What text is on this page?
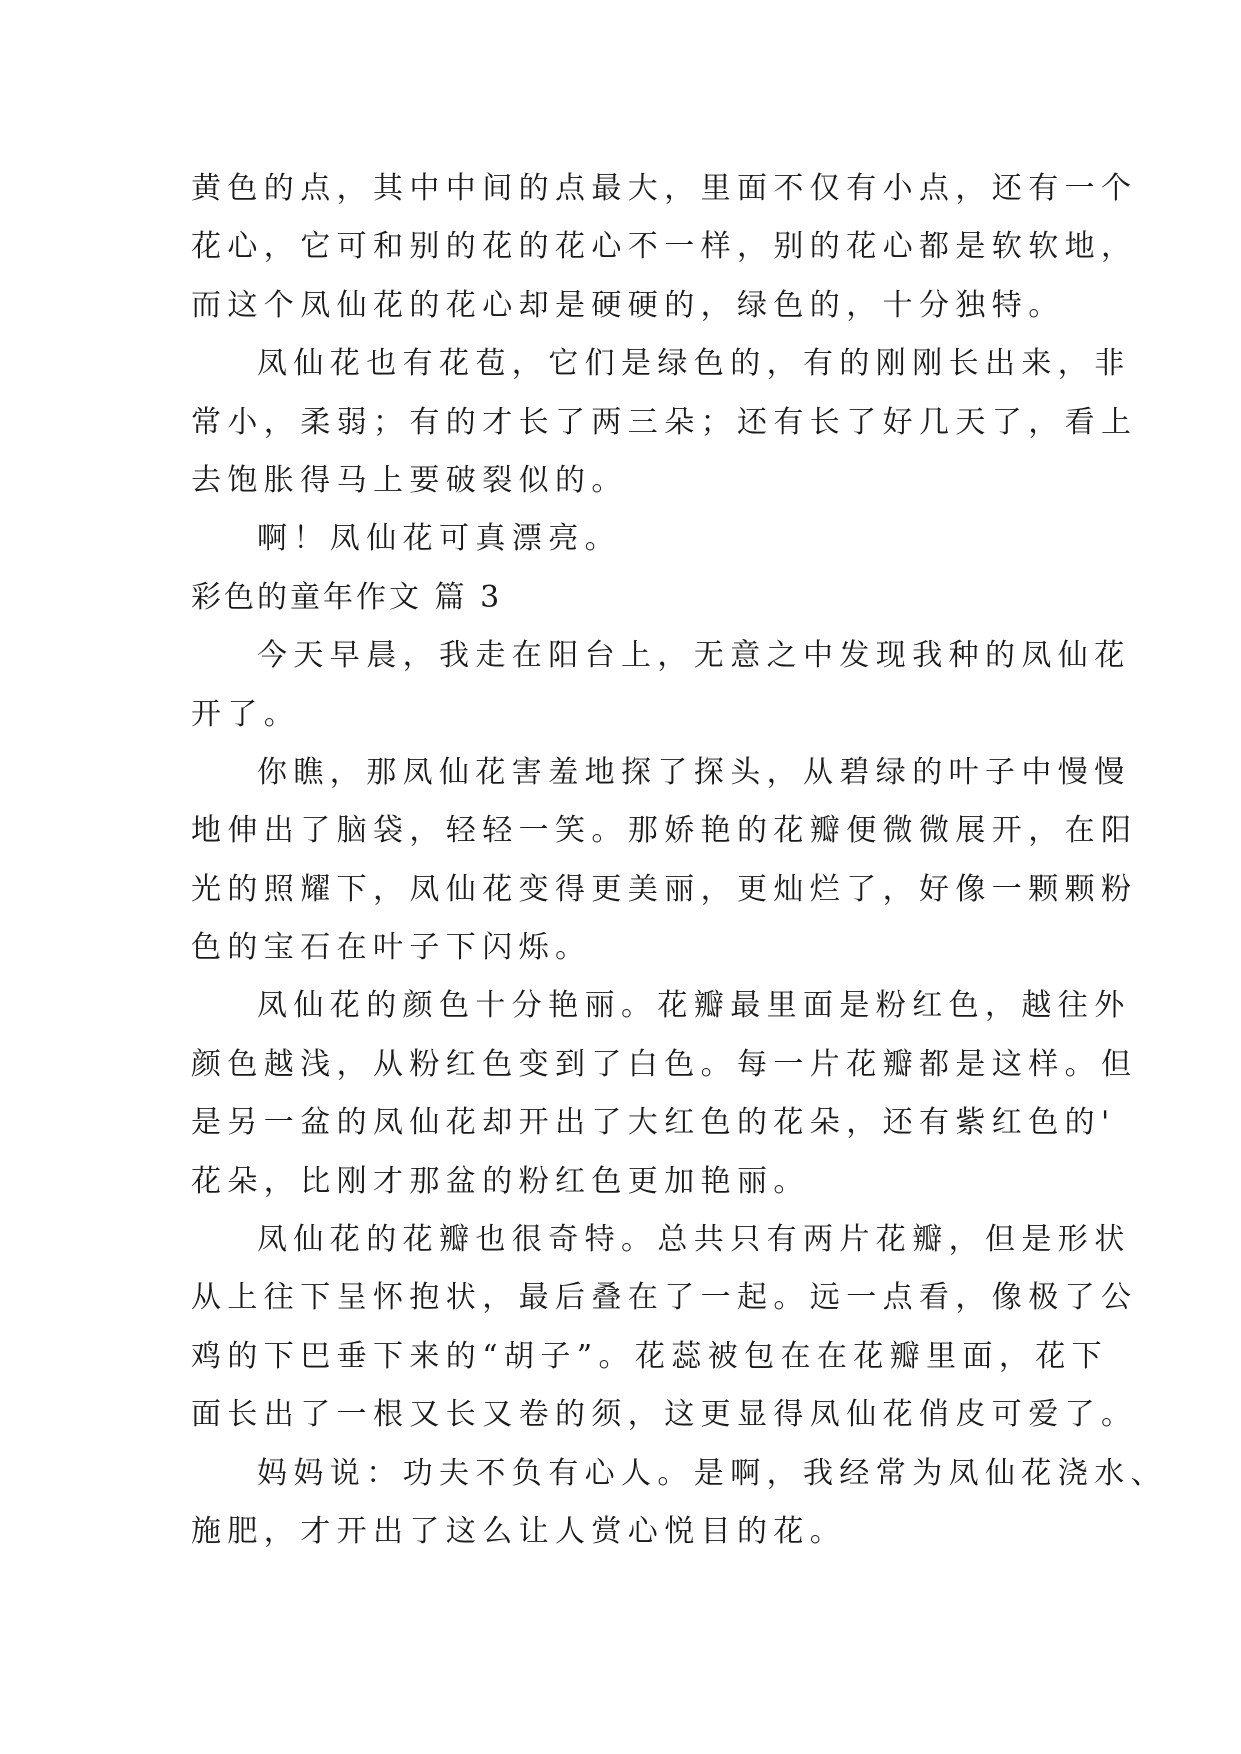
黄色的点，其中中间的点最大，里面不仅有小点，还有一个
花心，它可和别的花的花心不一样，别的花心都是软软地，
而这个凤仙花的花心却是硬硬的，绿色的，十分独特。
凤仙花也有花苞，它们是绿色的，有的刚刚长出来，非
常小，柔弱；有的才长了两三朵；还有长了好几天了，看上
去饱胀得马上要破裂似的。
啊！凤仙花可真漂亮。
彩色的童年作文 篇 3
今天早晨，我走在阳台上，无意之中发现我种的凤仙花
开了。
你瞧，那凤仙花害羞地探了探头，从碧绿的叶子中慢慢
地伸出了脑袋，轻轻一笑。那娇艳的花瓣便微微展开，在阳
光的照耀下，凤仙花变得更美丽，更灿烂了，好像一颗颗粉
色的宝石在叶子下闪烁。
凤仙花的颜色十分艳丽。花瓣最里面是粉红色，越往外
颜色越浅，从粉红色变到了白色。每一片花瓣都是这样。但
是另一盆的凤仙花却开出了大红色的花朵，还有紫红色的'
花朵，比刚才那盆的粉红色更加艳丽。
凤仙花的花瓣也很奇特。总共只有两片花瓣，但是形状
从上往下呈怀抱状，最后叠在了一起。远一点看，像极了公
鸡的下巴垂下来的“胡子”。花蕊被包在在花瓣里面，花下
面长出了一根又长又卷的须，这更显得凤仙花俏皮可爱了。
妈妈说：功夫不负有心人。是啊，我经常为凤仙花浇水、
施肥，才开出了这么让人赏心悦目的花。
